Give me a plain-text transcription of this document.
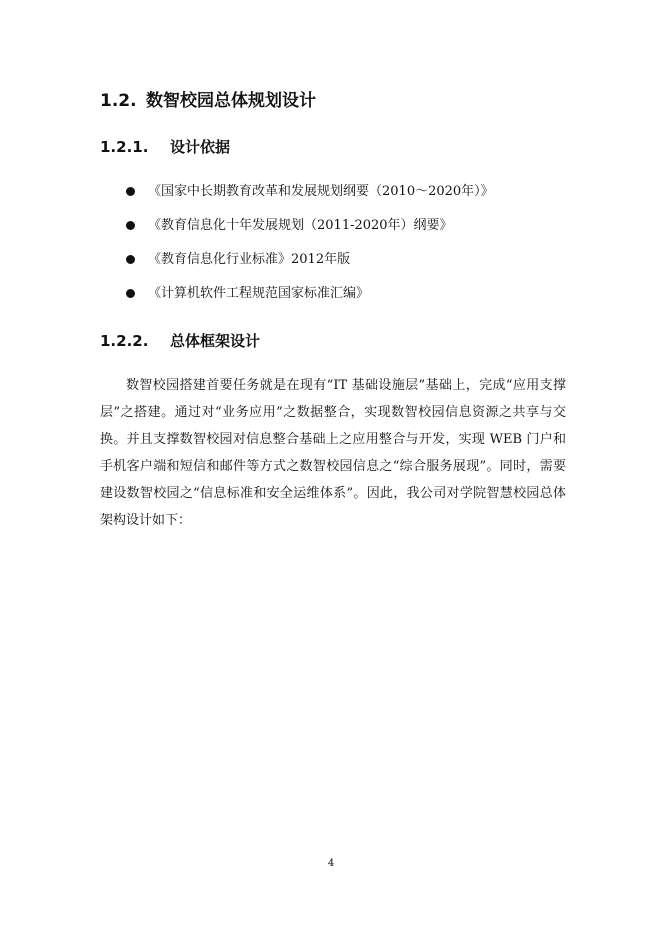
1.2. 数智校园总体规划设计
1.2.1. 设计依据
《国家中长期教育改革和发展规划纲要（2010～2020年）》
《教育信息化十年发展规划（2011-2020年）纲要》
《教育信息化行业标准》2012年版
《计算机软件工程规范国家标准汇编》
1.2.2. 总体框架设计

数智校园搭建首要任务就是在现有“IT 基础设施层”基础上，完成“应用支撑层”之搭建。通过对“业务应用”之数据整合，实现数智校园信息资源之共享与交换。并且支撑数智校园对信息整合基础上之应用整合与开发，实现 WEB 门户和手机客户端和短信和邮件等方式之数智校园信息之“综合服务展现”。同时，需要建设数智校园之“信息标准和安全运维体系”。因此，我公司对学院智慧校园总体架构设计如下：

4
